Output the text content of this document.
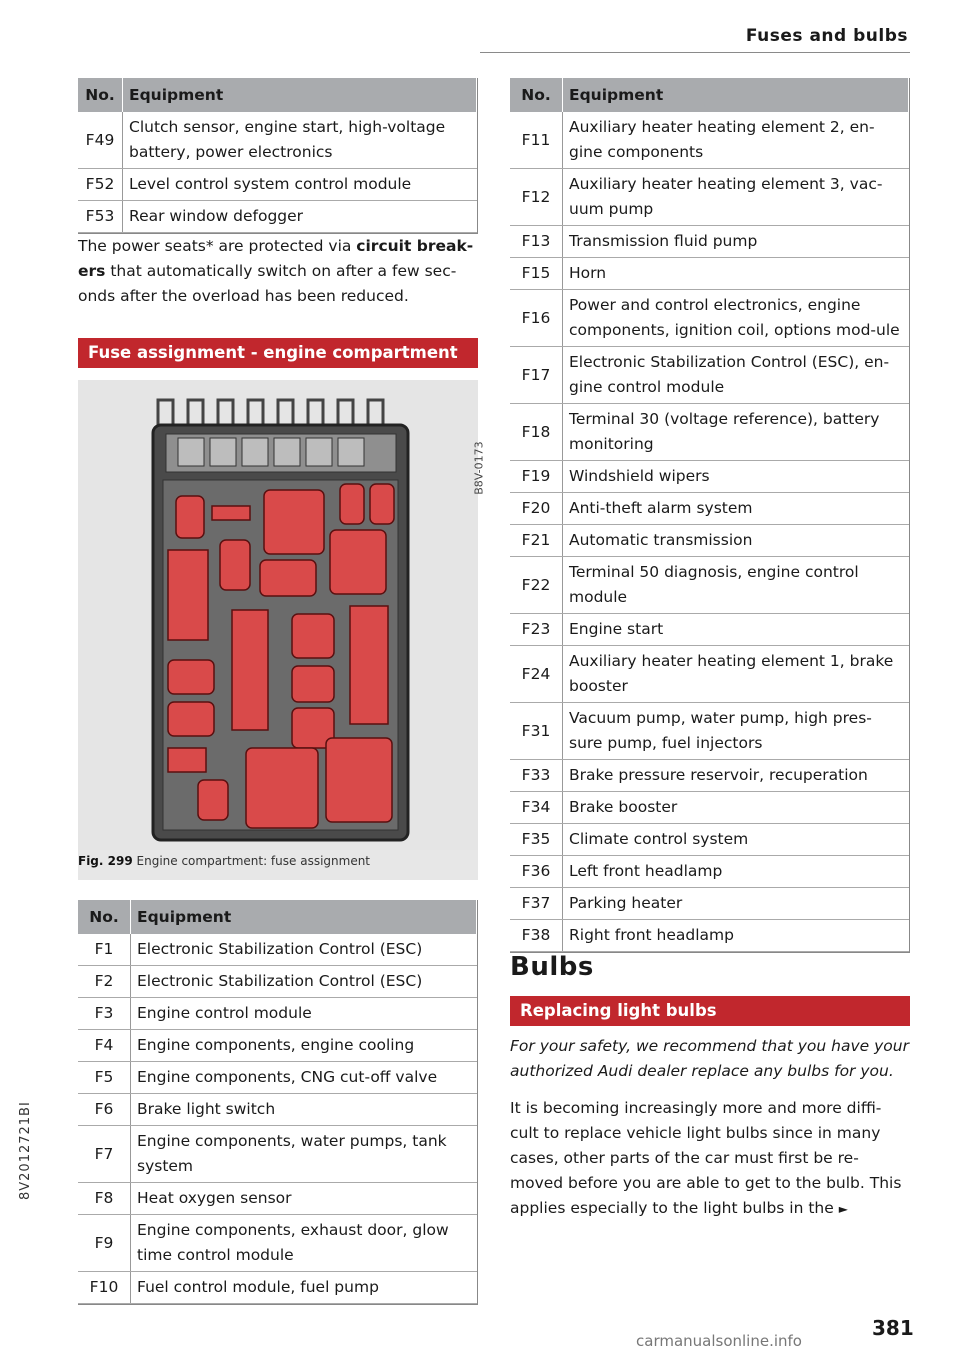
Fuses and bulbs
No.	Equipment
F49	Clutch sensor, engine start, high-voltage battery, power electronics
F52	Level control system control module
F53	Rear window defogger

The power seats* are protected via circuit break-ers that automatically switch on after a few sec-onds after the overload has been reduced.

Fuse assignment - engine compartment
B8V-0173
Fig. 299 Engine compartment: fuse assignment
No.	Equipment
F1	Electronic Stabilization Control (ESC)
F2	Electronic Stabilization Control (ESC)
F3	Engine control module
F4	Engine components, engine cooling
F5	Engine components, CNG cut-off valve
F6	Brake light switch
F7	Engine components, water pumps, tank system
F8	Heat oxygen sensor
F9	Engine components, exhaust door, glow time control module
F10	Fuel control module, fuel pump
No.	Equipment
F11	Auxiliary heater heating element 2, en-gine components
F12	Auxiliary heater heating element 3, vac-uum pump
F13	Transmission fluid pump
F15	Horn
F16	Power and control electronics, engine components, ignition coil, options mod-ule
F17	Electronic Stabilization Control (ESC), en-gine control module
F18	Terminal 30 (voltage reference), battery monitoring
F19	Windshield wipers
F20	Anti-theft alarm system
F21	Automatic transmission
F22	Terminal 50 diagnosis, engine control module
F23	Engine start
F24	Auxiliary heater heating element 1, brake booster
F31	Vacuum pump, water pump, high pres-sure pump, fuel injectors
F33	Brake pressure reservoir, recuperation
F34	Brake booster
F35	Climate control system
F36	Left front headlamp
F37	Parking heater
F38	Right front headlamp
Bulbs
Replacing light bulbs

For your safety, we recommend that you have your authorized Audi dealer replace any bulbs for you.

It is becoming increasingly more and more diffi-cult to replace vehicle light bulbs since in many cases, other parts of the car must first be re-moved before you are able to get to the bulb. This applies especially to the light bulbs in the ►

8V2012721BI
381
carmanualsonline.info
